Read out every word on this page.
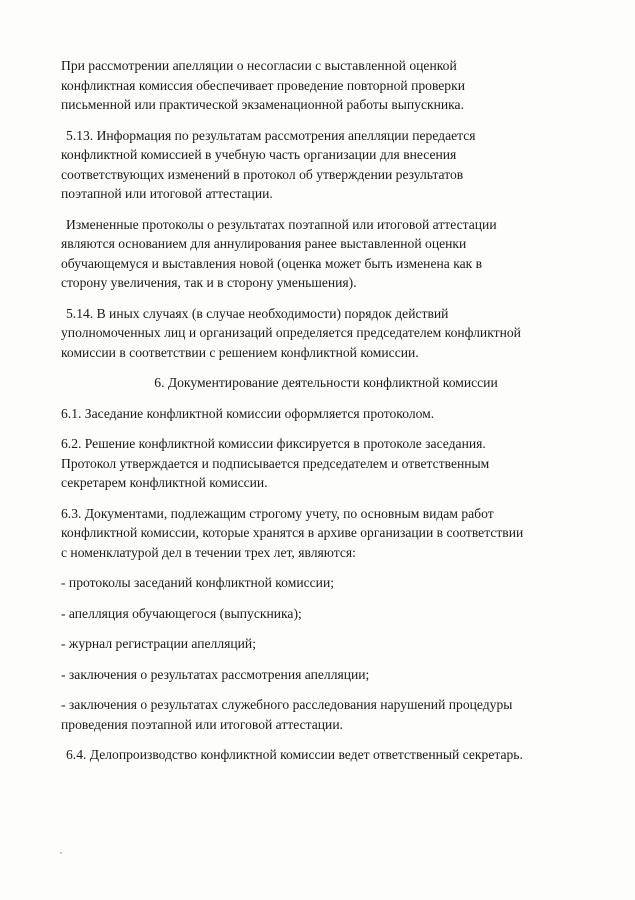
При рассмотрении апелляции о несогласии с выставленной оценкой
конфликтная комиссия обеспечивает проведение повторной проверки
письменной или практической экзаменационной работы выпускника.

5.13. Информация по результатам рассмотрения апелляции передается
конфликтной комиссией в учебную часть организации для внесения
соответствующих изменений в протокол об утверждении результатов
поэтапной или итоговой аттестации.

Измененные протоколы о результатах поэтапной или итоговой аттестации
являются основанием для аннулирования ранее выставленной оценки
обучающемуся и выставления новой (оценка может быть изменена как в
сторону увеличения, так и в сторону уменьшения).

5.14. В иных случаях (в случае необходимости) порядок действий
уполномоченных лиц и организаций определяется председателем конфликтной
комиссии в соответствии с решением конфликтной комиссии.

6. Документирование деятельности конфликтной комиссии

6.1. Заседание конфликтной комиссии оформляется протоколом.

6.2. Решение конфликтной комиссии фиксируется в протоколе заседания.
Протокол утверждается и подписывается председателем и ответственным
секретарем конфликтной комиссии.

6.3. Документами, подлежащим строгому учету, по основным видам работ
конфликтной комиссии, которые хранятся в архиве организации в соответствии
с номенклатурой дел в течении трех лет, являются:

- протоколы заседаний конфликтной комиссии;

- апелляция обучающегося (выпускника);

- журнал регистрации апелляций;

- заключения о результатах рассмотрения апелляции;

- заключения о результатах служебного расследования нарушений процедуры
проведения поэтапной или итоговой аттестации.

6.4. Делопроизводство конфликтной комиссии ведет ответственный секретарь.
